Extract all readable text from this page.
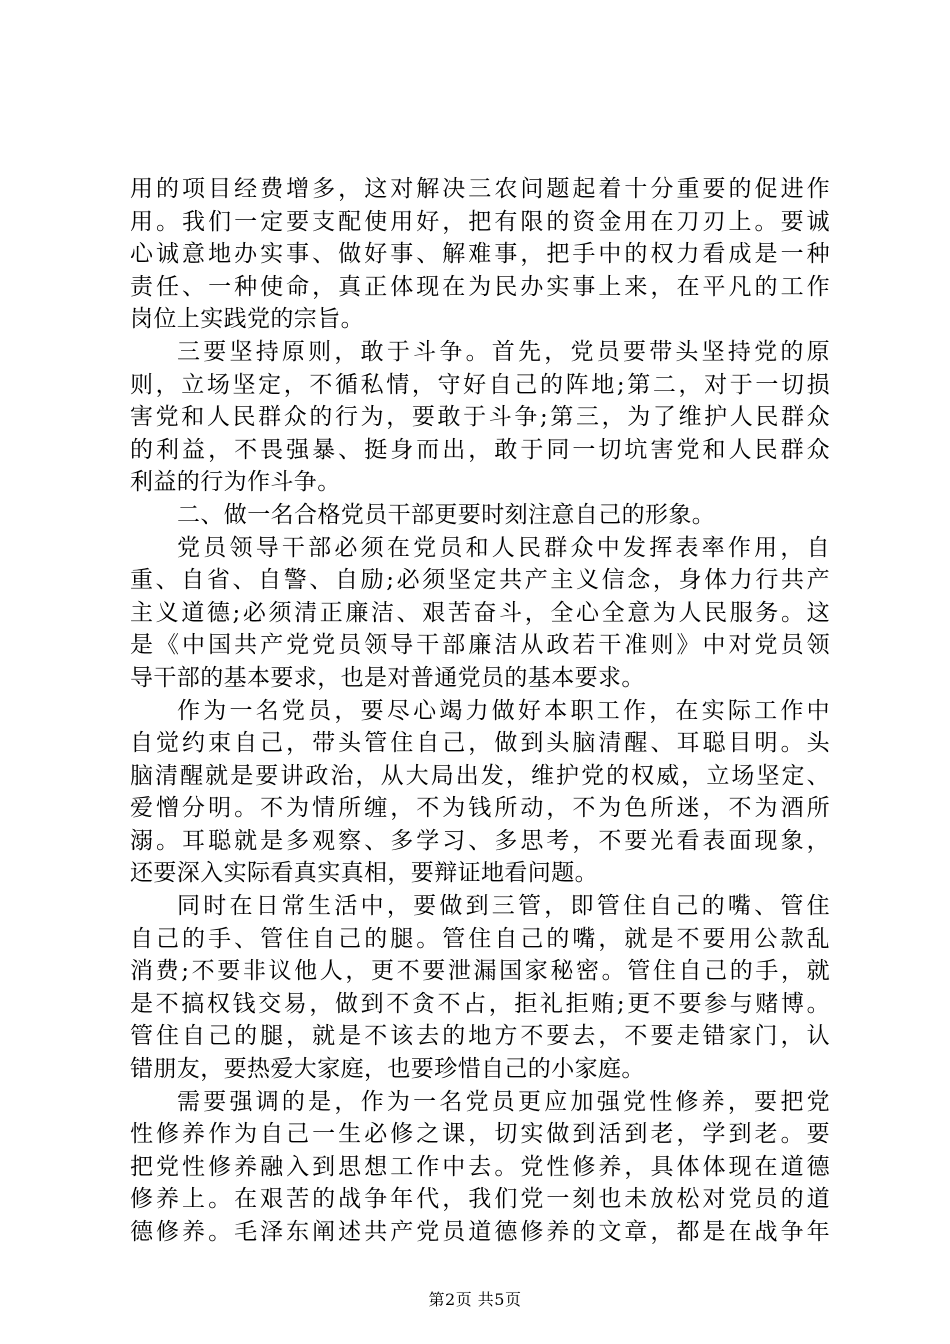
用的项目经费增多，这对解决三农问题起着十分重要的促进作
用。我们一定要支配使用好，把有限的资金用在刀刃上。要诚
心诚意地办实事、做好事、解难事，把手中的权力看成是一种
责任、一种使命，真正体现在为民办实事上来，在平凡的工作
岗位上实践党的宗旨。
三要坚持原则，敢于斗争。首先，党员要带头坚持党的原
则，立场坚定，不循私情，守好自己的阵地;第二，对于一切损
害党和人民群众的行为，要敢于斗争;第三，为了维护人民群众
的利益，不畏强暴、挺身而出，敢于同一切坑害党和人民群众
利益的行为作斗争。
二、做一名合格党员干部更要时刻注意自己的形象。
党员领导干部必须在党员和人民群众中发挥表率作用，自
重、自省、自警、自励;必须坚定共产主义信念，身体力行共产
主义道德;必须清正廉洁、艰苦奋斗，全心全意为人民服务。这
是《中国共产党党员领导干部廉洁从政若干准则》中对党员领
导干部的基本要求，也是对普通党员的基本要求。
作为一名党员，要尽心竭力做好本职工作，在实际工作中
自觉约束自己，带头管住自己，做到头脑清醒、耳聪目明。头
脑清醒就是要讲政治，从大局出发，维护党的权威，立场坚定、
爱憎分明。不为情所缠，不为钱所动，不为色所迷，不为酒所
溺。耳聪就是多观察、多学习、多思考，不要光看表面现象，
还要深入实际看真实真相，要辩证地看问题。
同时在日常生活中，要做到三管，即管住自己的嘴、管住
自己的手、管住自己的腿。管住自己的嘴，就是不要用公款乱
消费;不要非议他人，更不要泄漏国家秘密。管住自己的手，就
是不搞权钱交易，做到不贪不占，拒礼拒贿;更不要参与赌博。
管住自己的腿，就是不该去的地方不要去，不要走错家门，认
错朋友，要热爱大家庭，也要珍惜自己的小家庭。
需要强调的是，作为一名党员更应加强党性修养，要把党
性修养作为自己一生必修之课，切实做到活到老，学到老。要
把党性修养融入到思想工作中去。党性修养，具体体现在道德
修养上。在艰苦的战争年代，我们党一刻也未放松对党员的道
德修养。毛泽东阐述共产党员道德修养的文章，都是在战争年
第2页 共5页
